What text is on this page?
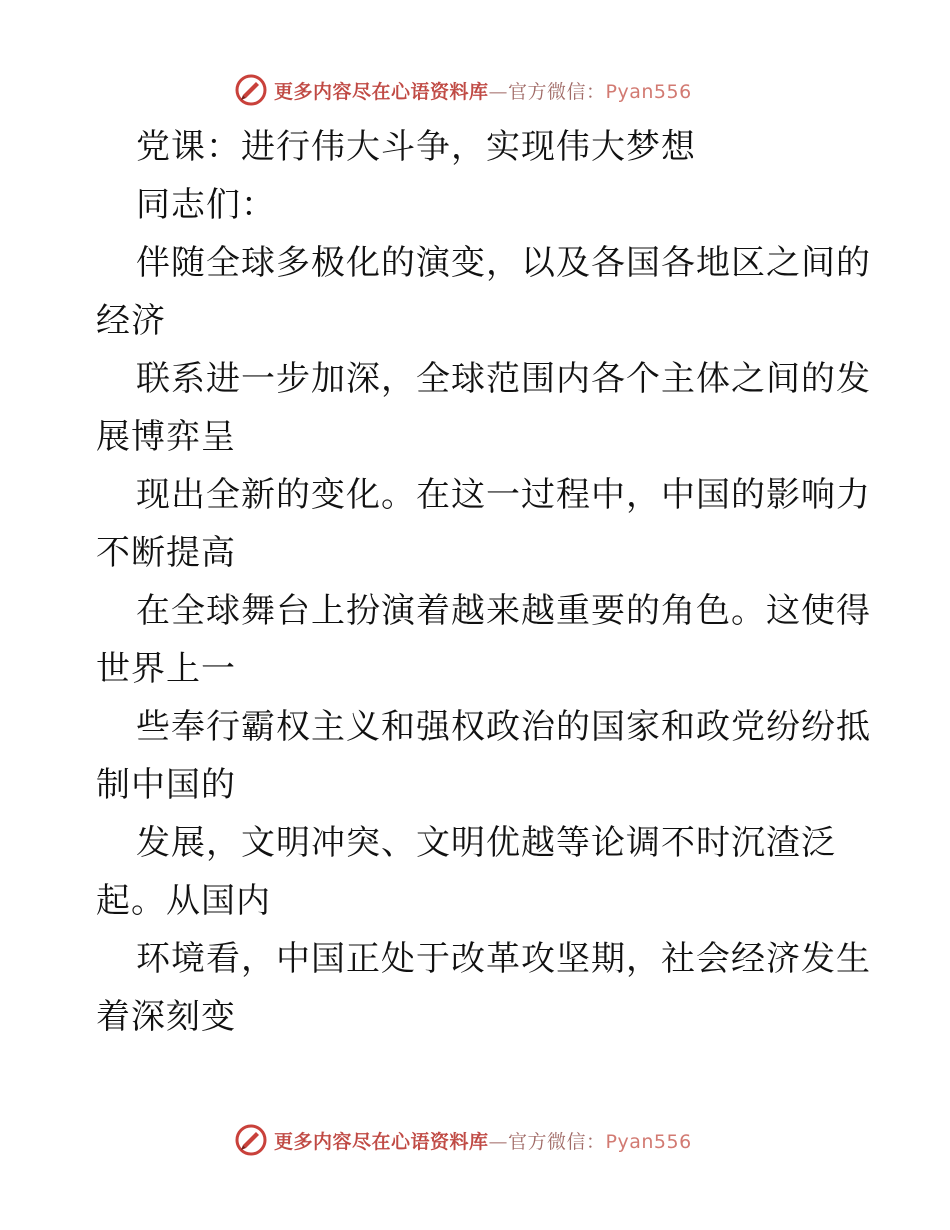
更多内容尽在心语资料库—官方微信：Pyan556
党课：进行伟大斗争，实现伟大梦想
同志们：
伴随全球多极化的演变，以及各国各地区之间的
经济
联系进一步加深，全球范围内各个主体之间的发
展博弈呈
现出全新的变化。在这一过程中，中国的影响力
不断提高
在全球舞台上扮演着越来越重要的角色。这使得
世界上一
些奉行霸权主义和强权政治的国家和政党纷纷抵
制中国的
发展，文明冲突、文明优越等论调不时沉渣泛
起。从国内
环境看，中国正处于改革攻坚期，社会经济发生
着深刻变
更多内容尽在心语资料库—官方微信：Pyan556
